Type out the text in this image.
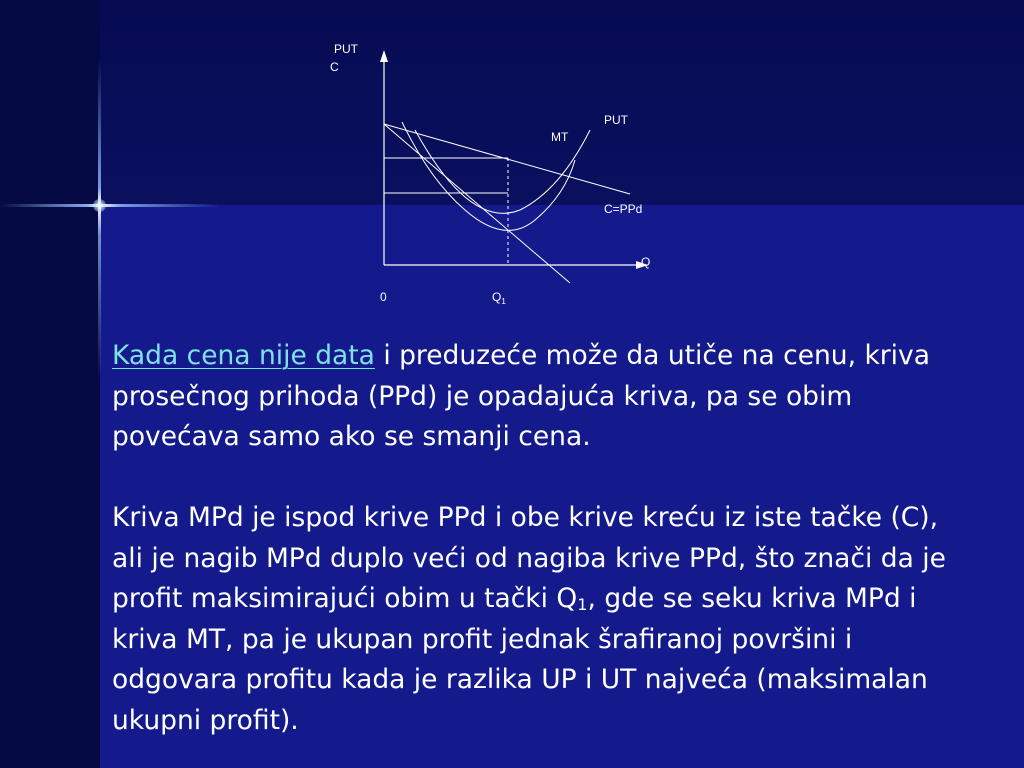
PUT
C
PUT
MT
C=PPd
Q
0	$Q_1$

Kada cena nije data i preduzeće može da utiče na cenu, kriva prosečnog prihoda (PPd) je opadajuća kriva, pa se obim povećava samo ako se smanji cena.

Kriva MPd je ispod krive PPd i obe krive kreću iz iste tačke (C), ali je nagib MPd duplo veći od nagiba krive PPd, što znači da je profit maksimirajući obim u tački $Q_1$, gde se seku kriva MPd i kriva MT, pa je ukupan profit jednak šrafiranoj površini i odgovara profitu kada je razlika UP i UT najveća (maksimalan ukupni profit).
